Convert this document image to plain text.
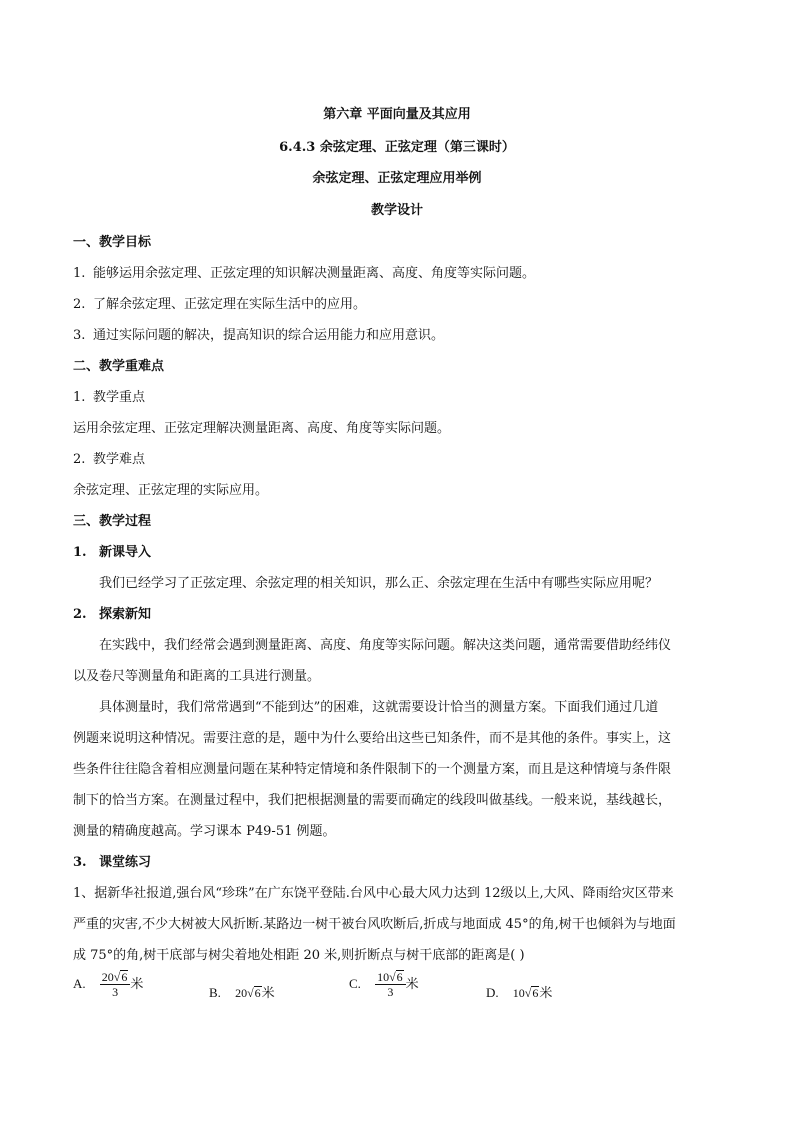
第六章 平面向量及其应用
6.4.3 余弦定理、正弦定理（第三课时）
余弦定理、正弦定理应用举例
教学设计
一、教学目标
1. 能够运用余弦定理、正弦定理的知识解决测量距离、高度、角度等实际问题。
2. 了解余弦定理、正弦定理在实际生活中的应用。
3. 通过实际问题的解决，提高知识的综合运用能力和应用意识。
二、教学重难点
1. 教学重点
运用余弦定理、正弦定理解决测量距离、高度、角度等实际问题。
2. 教学难点
余弦定理、正弦定理的实际应用。
三、教学过程
1. 新课导入
我们已经学习了正弦定理、余弦定理的相关知识，那么正、余弦定理在生活中有哪些实际应用呢？
2. 探索新知
在实践中，我们经常会遇到测量距离、高度、角度等实际问题。解决这类问题，通常需要借助经纬仪
以及卷尺等测量角和距离的工具进行测量。
具体测量时，我们常常遇到“不能到达”的困难，这就需要设计恰当的测量方案。下面我们通过几道
例题来说明这种情况。需要注意的是，题中为什么要给出这些已知条件，而不是其他的条件。事实上，这
些条件往往隐含着相应测量问题在某种特定情境和条件限制下的一个测量方案，而且是这种情境与条件限
制下的恰当方案。在测量过程中，我们把根据测量的需要而确定的线段叫做基线。一般来说，基线越长，
测量的精确度越高。学习课本 P49-51 例题。
3. 课堂练习
1、据新华社报道,强台风“珍珠”在广东饶平登陆.台风中心最大风力达到 12级以上,大风、降雨给灾区带来
严重的灾害,不少大树被大风折断.某路边一树干被台风吹断后,折成与地面成 45°的角,树干也倾斜为与地面
成 75°的角,树干底部与树尖着地处相距 20 米,则折断点与树干底部的距离是( )
A. $\frac{20√6}{3}$ 米
B. 20√6米
C. $\frac{10√6}{3}$ 米
D. 10√6米
